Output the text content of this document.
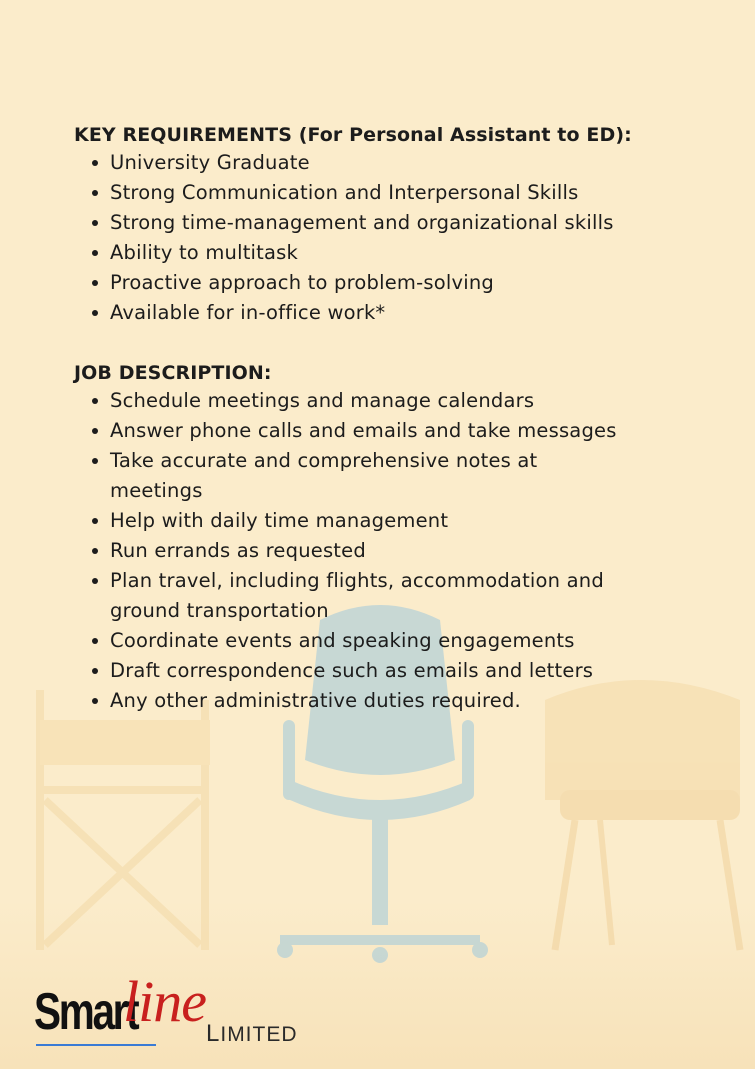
KEY REQUIREMENTS (For Personal Assistant to ED):
University Graduate
Strong Communication and Interpersonal Skills
Strong time-management and organizational skills
Ability to multitask
Proactive approach to problem-solving
Available for in-office work*
JOB DESCRIPTION:
Schedule meetings and manage calendars
Answer phone calls and emails and take messages
Take accurate and comprehensive notes at meetings
Help with daily time management
Run errands as requested
Plan travel, including flights, accommodation and ground transportation
Coordinate events and speaking engagements
Draft correspondence such as emails and letters
Any other administrative duties required.
Smart
line LIMITED
